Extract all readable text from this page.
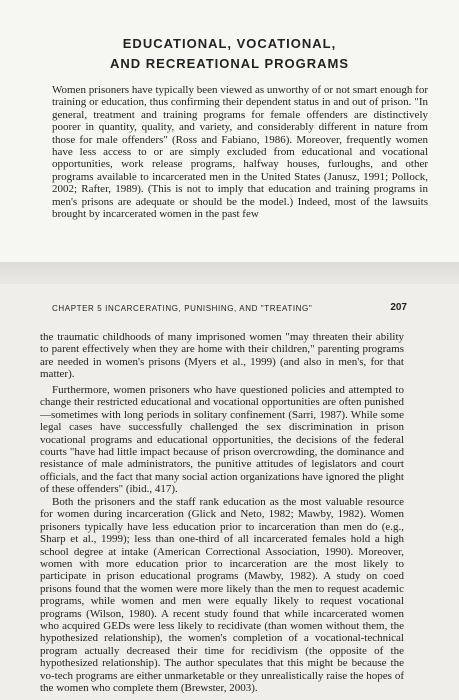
EDUCATIONAL, VOCATIONAL,
AND RECREATIONAL PROGRAMS

Women prisoners have typically been viewed as unworthy of or not smart enough for training or education, thus confirming their dependent status in and out of prison. "In general, treatment and training programs for female offenders are distinctively poorer in quantity, quality, and variety, and considerably different in nature from those for male offenders" (Ross and Fabiano, 1986). Moreover, frequently women have less access to or are simply excluded from educational and vocational opportunities, work release programs, halfway houses, furloughs, and other programs available to incarcerated men in the United States (Janusz, 1991; Pollock, 2002; Rafter, 1989). (This is not to imply that education and training programs in men's prisons are adequate or should be the model.) Indeed, most of the lawsuits brought by incarcerated women in the past few

CHAPTER 5 INCARCERATING, PUNISHING, AND "TREATING"	207

the traumatic childhoods of many imprisoned women "may threaten their ability to parent effectively when they are home with their children," parenting programs are needed in women's prisons (Myers et al., 1999) (and also in men's, for that matter).

Furthermore, women prisoners who have questioned policies and attempted to change their restricted educational and vocational opportunities are often punished—sometimes with long periods in solitary confinement (Sarri, 1987). While some legal cases have successfully challenged the sex discrimination in prison vocational programs and educational opportunities, the decisions of the federal courts "have had little impact because of prison overcrowding, the dominance and resistance of male administrators, the punitive attitudes of legislators and court officials, and the fact that many social action organizations have ignored the plight of these offenders" (ibid., 417).

Both the prisoners and the staff rank education as the most valuable resource for women during incarceration (Glick and Neto, 1982; Mawby, 1982). Women prisoners typically have less education prior to incarceration than men do (e.g., Sharp et al., 1999); less than one-third of all incarcerated females hold a high school degree at intake (American Correctional Association, 1990). Moreover, women with more education prior to incarceration are the most likely to participate in prison educational programs (Mawby, 1982). A study on coed prisons found that the women were more likely than the men to request academic programs, while women and men were equally likely to request vocational programs (Wilson, 1980). A recent study found that while incarcerated women who acquired GEDs were less likely to recidivate (than women without them, the hypothesized relationship), the women's completion of a vocational-technical program actually decreased their time for recidivism (the opposite of the hypothesized relationship). The author speculates that this might be because the vo-tech programs are either unmarketable or they unrealistically raise the hopes of the women who complete them (Brewster, 2003).
